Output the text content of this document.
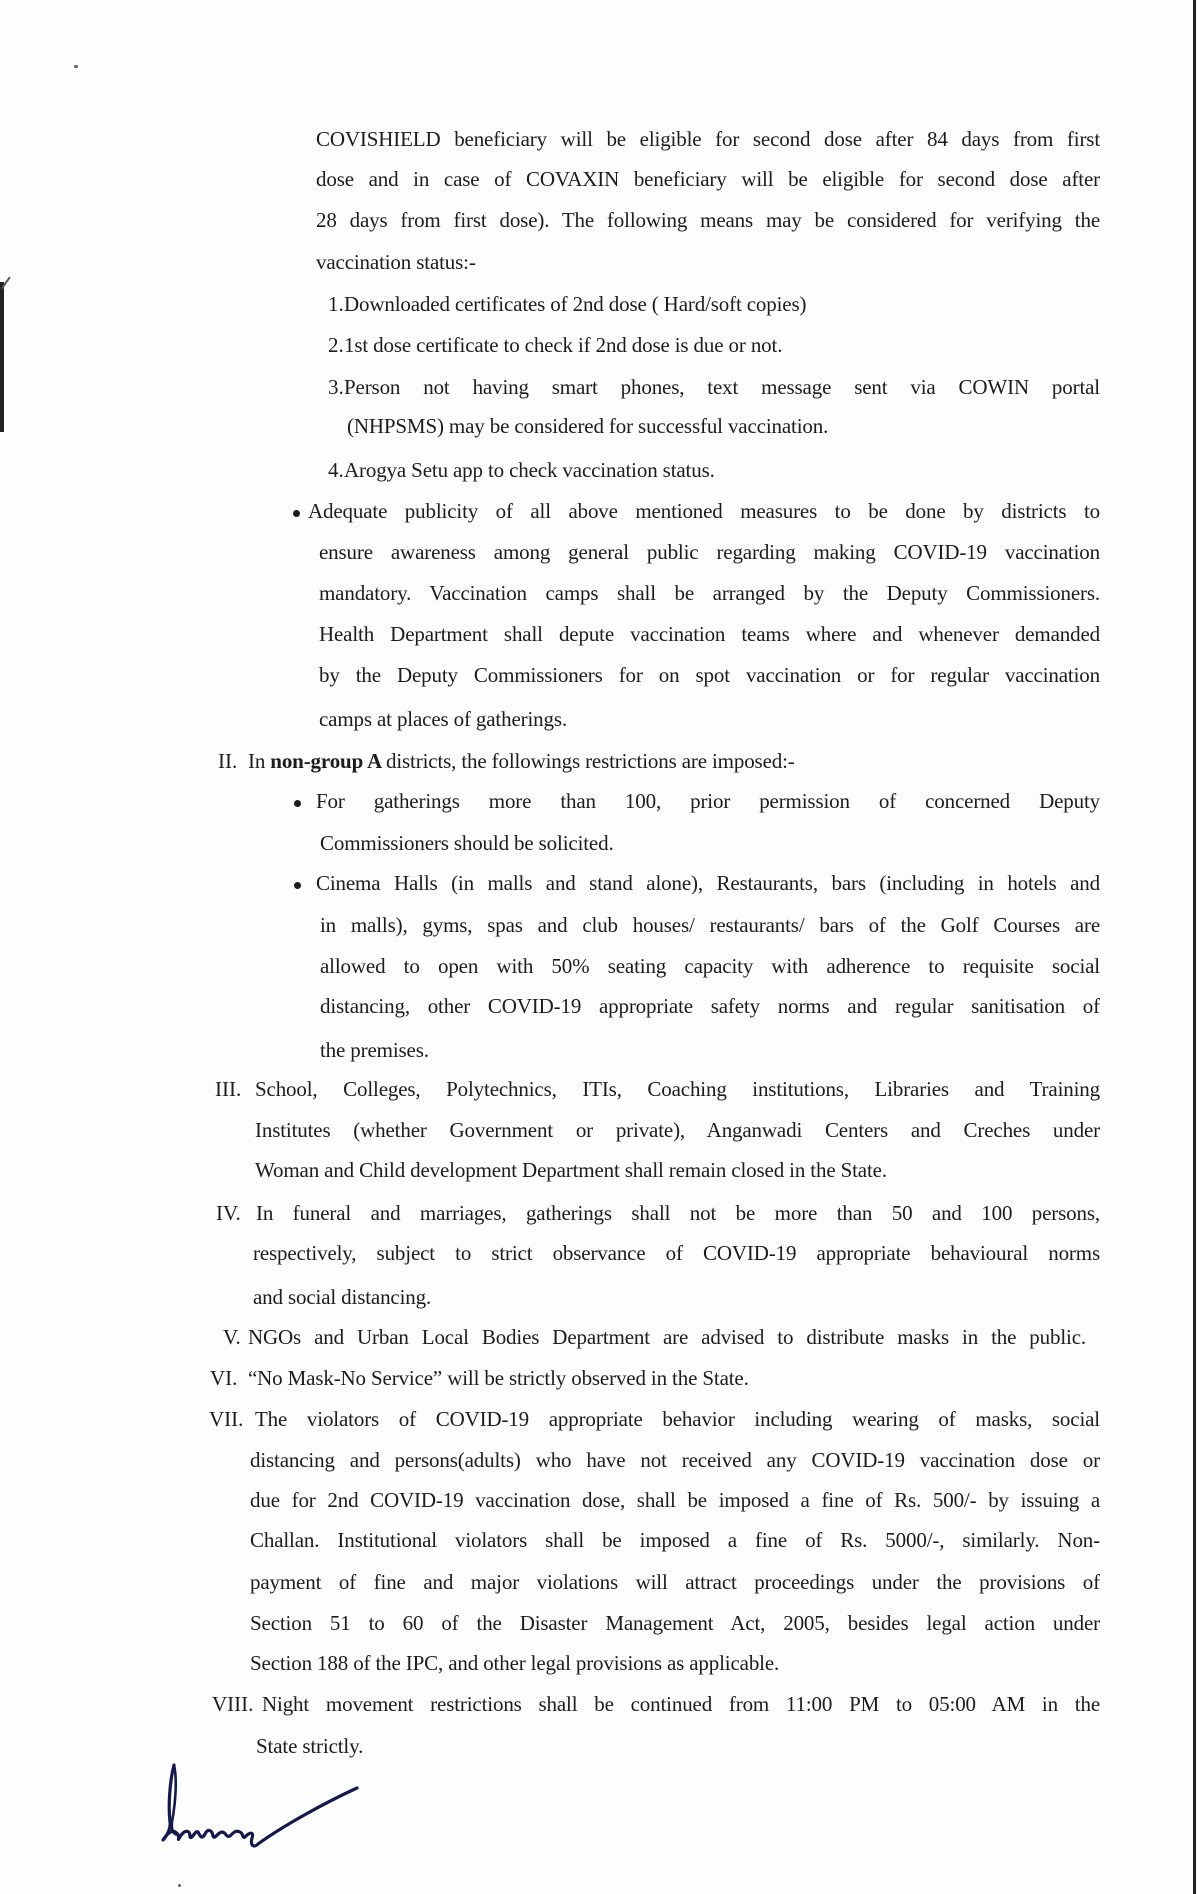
COVISHIELD beneficiary will be eligible for second dose after 84 days from first
dose and in case of COVAXIN beneficiary will be eligible for second dose after
28 days from first dose). The following means may be considered for verifying the
vaccination status:-
1. Downloaded certificates of 2nd dose ( Hard/soft copies)
2. 1st dose certificate to check if 2nd dose is due or not.
3. Person not having smart phones, text message sent via COWIN portal
(NHPSMS) may be considered for successful vaccination.
4. Arogya Setu app to check vaccination status.
Adequate publicity of all above mentioned measures to be done by districts to
ensure awareness among general public regarding making COVID-19 vaccination
mandatory. Vaccination camps shall be arranged by the Deputy Commissioners.
Health Department shall depute vaccination teams where and whenever demanded
by the Deputy Commissioners for on spot vaccination or for regular vaccination
camps at places of gatherings.
II. In non-group A districts, the followings restrictions are imposed:-
For gatherings more than 100, prior permission of concerned Deputy
Commissioners should be solicited.
Cinema Halls (in malls and stand alone), Restaurants, bars (including in hotels and
in malls), gyms, spas and club houses/ restaurants/ bars of the Golf Courses are
allowed to open with 50% seating capacity with adherence to requisite social
distancing, other COVID-19 appropriate safety norms and regular sanitisation of
the premises.
III. School, Colleges, Polytechnics, ITIs, Coaching institutions, Libraries and Training
Institutes (whether Government or private), Anganwadi Centers and Creches under
Woman and Child development Department shall remain closed in the State.
IV. In funeral and marriages, gatherings shall not be more than 50 and 100 persons,
respectively, subject to strict observance of COVID-19 appropriate behavioural norms
and social distancing.
V. NGOs and Urban Local Bodies Department are advised to distribute masks in the public.
VI. “No Mask-No Service” will be strictly observed in the State.
VII. The violators of COVID-19 appropriate behavior including wearing of masks, social
distancing and persons(adults) who have not received any COVID-19 vaccination dose or
due for 2nd COVID-19 vaccination dose, shall be imposed a fine of Rs. 500/- by issuing a
Challan. Institutional violators shall be imposed a fine of Rs. 5000/-, similarly. Non-
payment of fine and major violations will attract proceedings under the provisions of
Section 51 to 60 of the Disaster Management Act, 2005, besides legal action under
Section 188 of the IPC, and other legal provisions as applicable.
VIII. Night movement restrictions shall be continued from 11:00 PM to 05:00 AM in the
State strictly.
